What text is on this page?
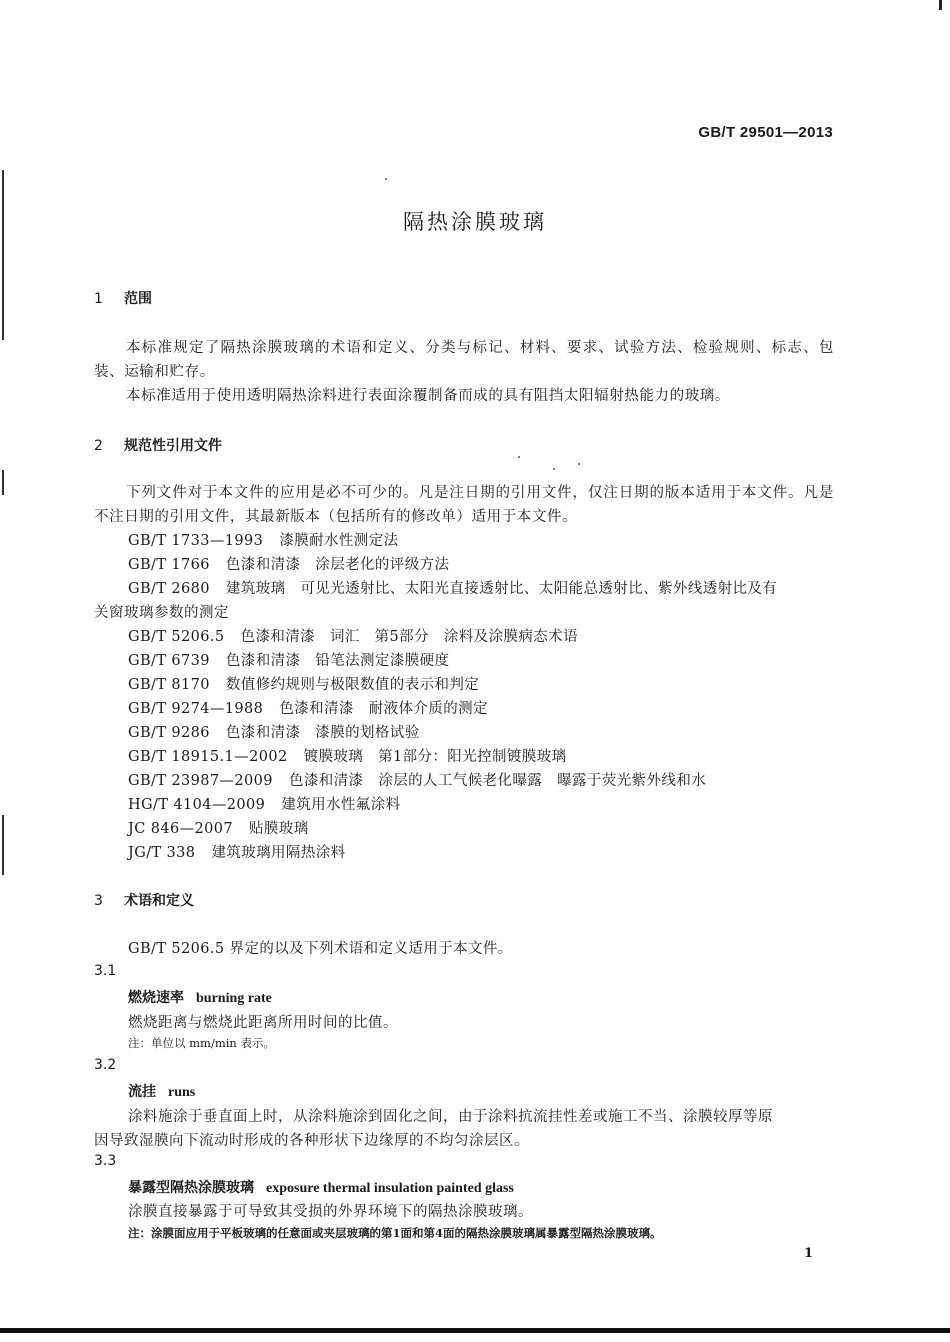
GB/T 29501—2013
隔热涂膜玻璃
1 范围
本标准规定了隔热涂膜玻璃的术语和定义、分类与标记、材料、要求、试验方法、检验规则、标志、包装、运输和贮存。
本标准适用于使用透明隔热涂料进行表面涂覆制备而成的具有阻挡太阳辐射热能力的玻璃。
2 规范性引用文件
下列文件对于本文件的应用是必不可少的。凡是注日期的引用文件，仅注日期的版本适用于本文件。凡是不注日期的引用文件，其最新版本（包括所有的修改单）适用于本文件。
GB/T 1733—1993 漆膜耐水性测定法
GB/T 1766 色漆和清漆　涂层老化的评级方法
GB/T 2680 建筑玻璃　可见光透射比、太阳光直接透射比、太阳能总透射比、紫外线透射比及有
关窗玻璃参数的测定
GB/T 5206.5 色漆和清漆　词汇　第5部分　涂料及涂膜病态术语
GB/T 6739 色漆和清漆　铅笔法测定漆膜硬度
GB/T 8170 数值修约规则与极限数值的表示和判定
GB/T 9274—1988 色漆和清漆　耐液体介质的测定
GB/T 9286 色漆和清漆　漆膜的划格试验
GB/T 18915.1—2002 镀膜玻璃　第1部分：阳光控制镀膜玻璃
GB/T 23987—2009 色漆和清漆　涂层的人工气候老化曝露　曝露于荧光紫外线和水
HG/T 4104—2009 建筑用水性氟涂料
JC 846—2007 贴膜玻璃
JG/T 338 建筑玻璃用隔热涂料
3 术语和定义
GB/T 5206.5 界定的以及下列术语和定义适用于本文件。
3.1
燃烧速率 burning rate
燃烧距离与燃烧此距离所用时间的比值。
注：单位以 mm/min 表示。
3.2
流挂 runs
涂料施涂于垂直面上时，从涂料施涂到固化之间，由于涂料抗流挂性差或施工不当、涂膜较厚等原
因导致湿膜向下流动时形成的各种形状下边缘厚的不均匀涂层区。
3.3
暴露型隔热涂膜玻璃 exposure thermal insulation painted glass
涂膜直接暴露于可导致其受损的外界环境下的隔热涂膜玻璃。
注：涂膜面应用于平板玻璃的任意面或夹层玻璃的第1面和第4面的隔热涂膜玻璃属暴露型隔热涂膜玻璃。
1
